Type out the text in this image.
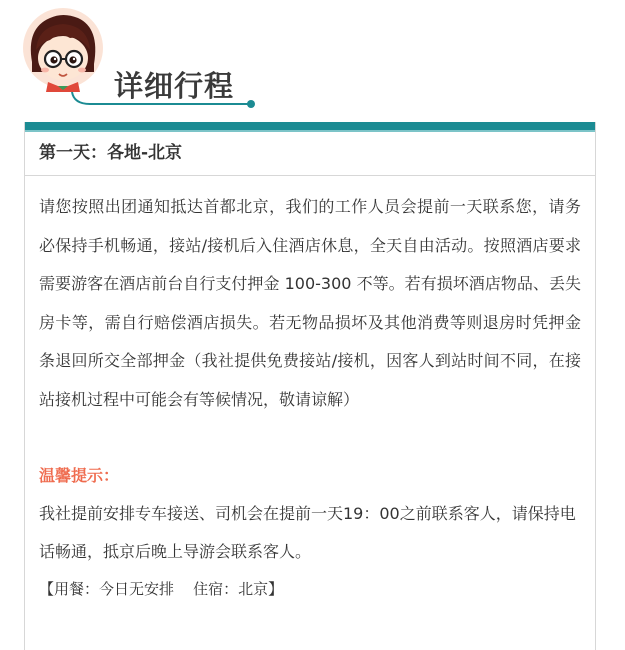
详细行程
第一天：各地-北京

请您按照出团通知抵达首都北京，我们的工作人员会提前一天联系您，请务必保持手机畅通，接站/接机后入住酒店休息，全天自由活动。按照酒店要求需要游客在酒店前台自行支付押金 100-300 不等。若有损坏酒店物品、丢失房卡等，需自行赔偿酒店损失。若无物品损坏及其他消费等则退房时凭押金条退回所交全部押金（我社提供免费接站/接机，因客人到站时间不同，在接站接机过程中可能会有等候情况，敬请谅解）

温馨提示：

我社提前安排专车接送、司机会在提前一天19：00之前联系客人，请保持电话畅通，抵京后晚上导游会联系客人。

【用餐：今日无安排 住宿：北京】
